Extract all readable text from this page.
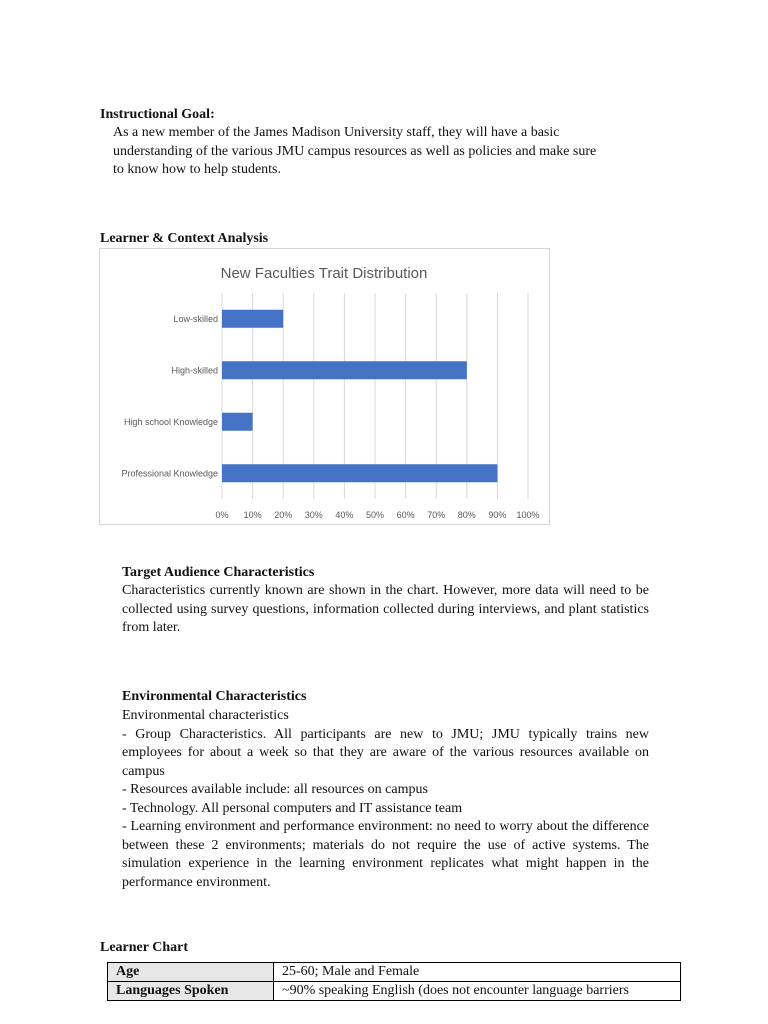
Instructional Goal:
As a new member of the James Madison University staff, they will have a basic
understanding of the various JMU campus resources as well as policies and make sure
to know how to help students.
Learner & Context Analysis
New Faculties Trait Distribution
0% 10% 20% 30% 40% 50% 60% 70% 80% 90% 100%
Low-skilled
High-skilled
High school Knowledge
Professional Knowledge
Target Audience Characteristics
Characteristics currently known are shown in the chart. However, more data will need to be collected using survey questions, information collected during interviews, and plant statistics from later.
Environmental Characteristics
Environmental characteristics
- Group Characteristics. All participants are new to JMU; JMU typically trains new employees for about a week so that they are aware of the various resources available on campus
- Resources available include: all resources on campus
- Technology. All personal computers and IT assistance team
- Learning environment and performance environment: no need to worry about the difference between these 2 environments; materials do not require the use of active systems. The simulation experience in the learning environment replicates what might happen in the performance environment.
Learner Chart
Age	25-60; Male and Female
Languages Spoken	~90% speaking English (does not encounter language barriers
